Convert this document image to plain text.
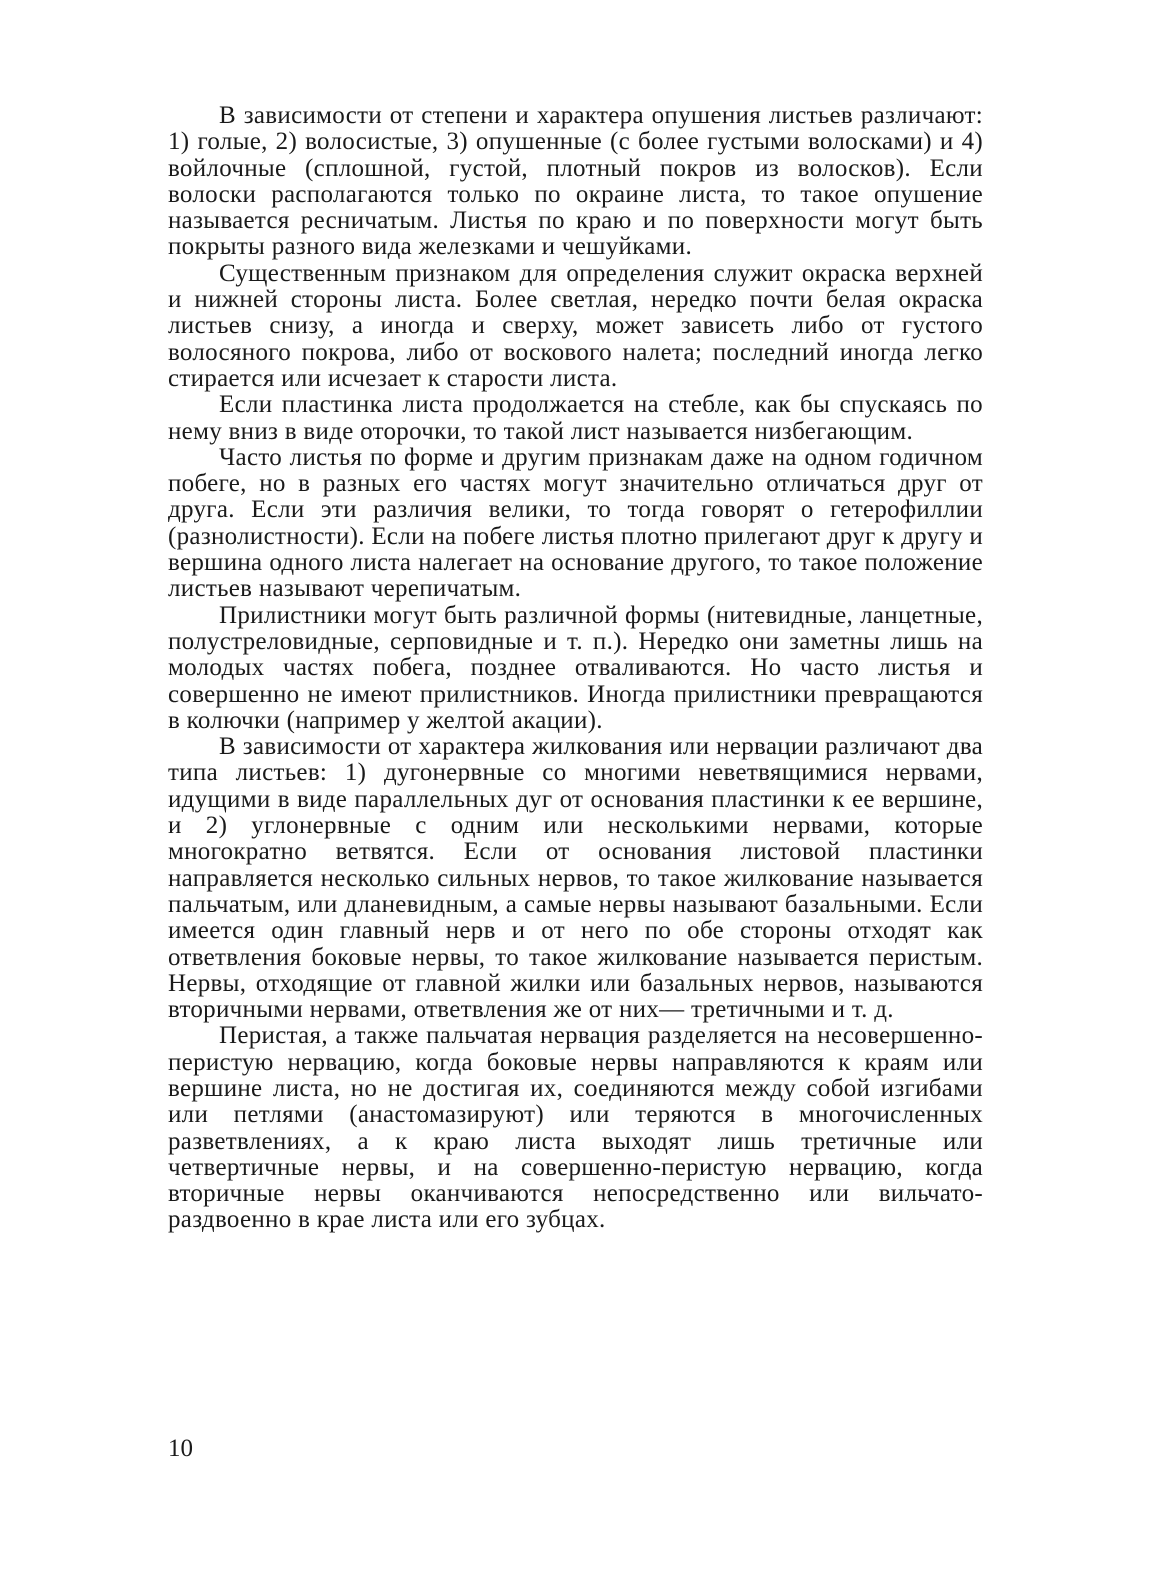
В зависимости от степени и характера опушения листьев различают: 1) голые, 2) волосистые, 3) опушенные (с более густыми волосками) и 4) войлочные (сплошной, густой, плотный покров из волосков). Если волоски располагаются только по окраине листа, то такое опушение называется ресничатым. Листья по краю и по поверхности могут быть покрыты разного вида железками и чешуйками.

Существенным признаком для определения служит окраска верхней и нижней стороны листа. Более светлая, нередко почти белая окраска листьев снизу, а иногда и сверху, может зависеть либо от густого волосяного покрова, либо от воскового налета; последний иногда легко стирается или исчезает к старости листа.

Если пластинка листа продолжается на стебле, как бы спускаясь по нему вниз в виде оторочки, то такой лист называется низбегающим.

Часто листья по форме и другим признакам даже на одном годичном побеге, но в разных его частях могут значительно отличаться друг от друга. Если эти различия велики, то тогда говорят о гетерофиллии (разнолистности). Если на побеге листья плотно прилегают друг к другу и вершина одного листа налегает на основание другого, то такое положение листьев называют черепичатым.

Прилистники могут быть различной формы (нитевидные, ланцетные, полустреловидные, серповидные и т. п.). Нередко они заметны лишь на молодых частях побега, позднее отваливаются. Но часто листья и совершенно не имеют прилистников. Иногда прилистники превращаются в колючки (например у желтой акации).

В зависимости от характера жилкования или нервации различают два типа листьев: 1) дугонервные со многими неветвящимися нервами, идущими в виде параллельных дуг от основания пластинки к ее вершине, и 2) углонервные с одним или несколькими нервами, которые многократно ветвятся. Если от основания листовой пластинки направляется несколько сильных нервов, то такое жилкование называется пальчатым, или дланевидным, а самые нервы называют базальными. Если имеется один главный нерв и от него по обе стороны отходят как ответвления боковые нервы, то такое жилкование называется перистым. Нервы, отходящие от главной жилки или базальных нервов, называются вторичными нервами, ответвления же от них— третичными и т. д.

Перистая, а также пальчатая нервация разделяется на несовершенно-перистую нервацию, когда боковые нервы направляются к краям или вершине листа, но не достигая их, соединяются между собой изгибами или петлями (анастомазируют) или теряются в многочисленных разветвлениях, а к краю листа выходят лишь третичные или четвертичные нервы, и на совершенно-перистую нервацию, когда вторичные нервы оканчиваются непосредственно или вильчато-раздвоенно в крае листа или его зубцах.

10
